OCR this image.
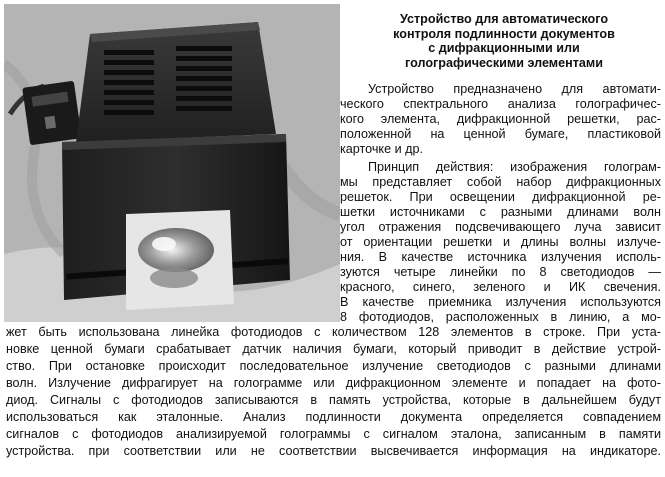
Устройство для автоматического
контроля подлинности документов
с дифракционными или
голографическими элементами
Устройство предназначено для автомати-
ческого спектрального анализа голографичес-
кого элемента, дифракционной решетки, рас-
положенной на ценной бумаге, пластиковой
карточке и др.
Принцип действия: изображения голограм-
мы представляет собой набор дифракционных
решеток. При освещении дифракционной ре-
шетки источниками с разными длинами волн
угол отражения подсвечивающего луча зависит
от ориентации решетки и длины волны излуче-
ния. В качестве источника излучения исполь-
зуются четыре линейки по 8 светодиодов —
красного, синего, зеленого и ИК свечения.
В качестве приемника излучения используются
8 фотодиодов, расположенных в линию, а мо-
жет быть использована линейка фотодиодов с количеством 128 элементов в строке. При уста-
новке ценной бумаги срабатывает датчик наличия бумаги, который приводит в действие устрой-
ство. При остановке происходит последовательное излучение светодиодов с разными длинами
волн. Излучение дифрагирует на голограмме или дифракционном элементе и попадает на фото-
диод. Сигналы с фотодиодов записываются в память устройства, которые в дальнейшем будут
использоваться как эталонные. Анализ подлинности документа определяется совпадением
сигналов с фотодиодов анализируемой голограммы с сигналом эталона, записанным в памяти
устройства. при соответствии или не соответствии высвечивается информация на индикаторе.
